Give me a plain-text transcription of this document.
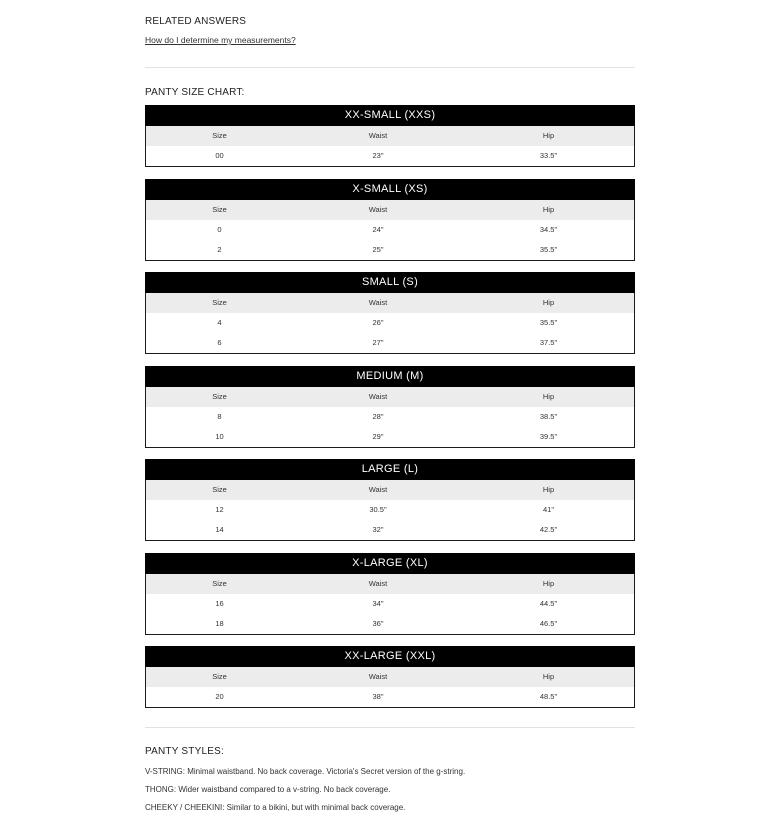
RELATED ANSWERS
How do I determine my measurements?
PANTY SIZE CHART:
XX-SMALL (XXS)
Size	Waist	Hip
00	23"	33.5"
X-SMALL (XS)
Size	Waist	Hip
0	24"	34.5"
2	25"	35.5"
SMALL (S)
Size	Waist	Hip
4	26"	35.5"
6	27"	37.5"
MEDIUM (M)
Size	Waist	Hip
8	28"	38.5"
10	29"	39.5"
LARGE (L)
Size	Waist	Hip
12	30.5"	41"
14	32"	42.5"
X-LARGE (XL)
Size	Waist	Hip
16	34"	44.5"
18	36"	46.5"
XX-LARGE (XXL)
Size	Waist	Hip
20	38"	48.5"
PANTY STYLES:
V-STRING: Minimal waistband. No back coverage. Victoria's Secret version of the g-string.
THONG: Wider waistband compared to a v-string. No back coverage.
CHEEKY / CHEEKINI: Similar to a bikini, but with minimal back coverage.
